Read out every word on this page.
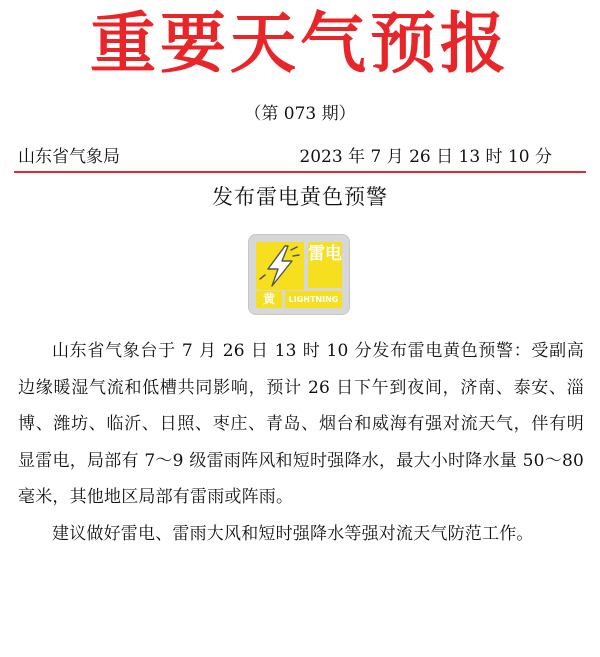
重要天气预报
（第 073 期）
山东省气象局	2023 年 7 月 26 日 13 时 10 分
发布雷电黄色预警
雷电
黄	LIGHTNING

山东省气象台于 7 月 26 日 13 时 10 分发布雷电黄色预警：受副高边缘暖湿气流和低槽共同影响，预计 26 日下午到夜间，济南、泰安、淄博、潍坊、临沂、日照、枣庄、青岛、烟台和威海有强对流天气，伴有明显雷电，局部有 7～9 级雷雨阵风和短时强降水，最大小时降水量 50～80 毫米，其他地区局部有雷雨或阵雨。

建议做好雷电、雷雨大风和短时强降水等强对流天气防范工作。
